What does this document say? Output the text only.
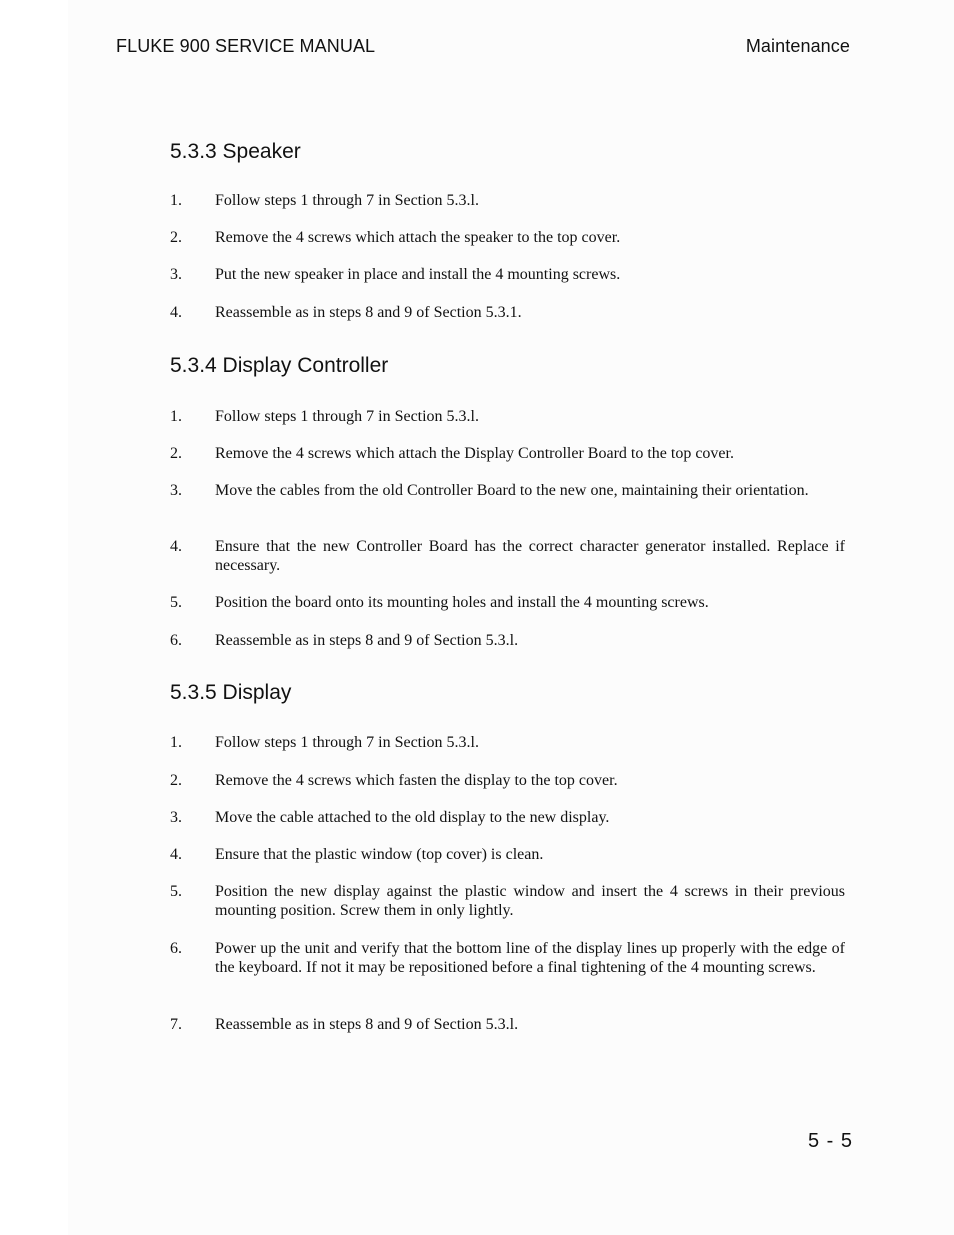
FLUKE 900 SERVICE MANUAL	Maintenance
5.3.3 Speaker
1. Follow steps 1 through 7 in Section 5.3.l.
2. Remove the 4 screws which attach the speaker to the top cover.
3. Put the new speaker in place and install the 4 mounting screws.
4. Reassemble as in steps 8 and 9 of Section 5.3.1.
5.3.4 Display Controller
1. Follow steps 1 through 7 in Section 5.3.l.
2. Remove the 4 screws which attach the Display Controller Board to the top cover.
3. Move the cables from the old Controller Board to the new one, maintaining their orientation.
4. Ensure that the new Controller Board has the correct character generator installed. Replace if necessary.
5. Position the board onto its mounting holes and install the 4 mounting screws.
6. Reassemble as in steps 8 and 9 of Section 5.3.l.
5.3.5 Display
1. Follow steps 1 through 7 in Section 5.3.l.
2. Remove the 4 screws which fasten the display to the top cover.
3. Move the cable attached to the old display to the new display.
4. Ensure that the plastic window (top cover) is clean.
5. Position the new display against the plastic window and insert the 4 screws in their previous mounting position. Screw them in only lightly.
6. Power up the unit and verify that the bottom line of the display lines up properly with the edge of the keyboard. If not it may be repositioned before a final tightening of the 4 mounting screws.
7. Reassemble as in steps 8 and 9 of Section 5.3.l.
5 - 5
